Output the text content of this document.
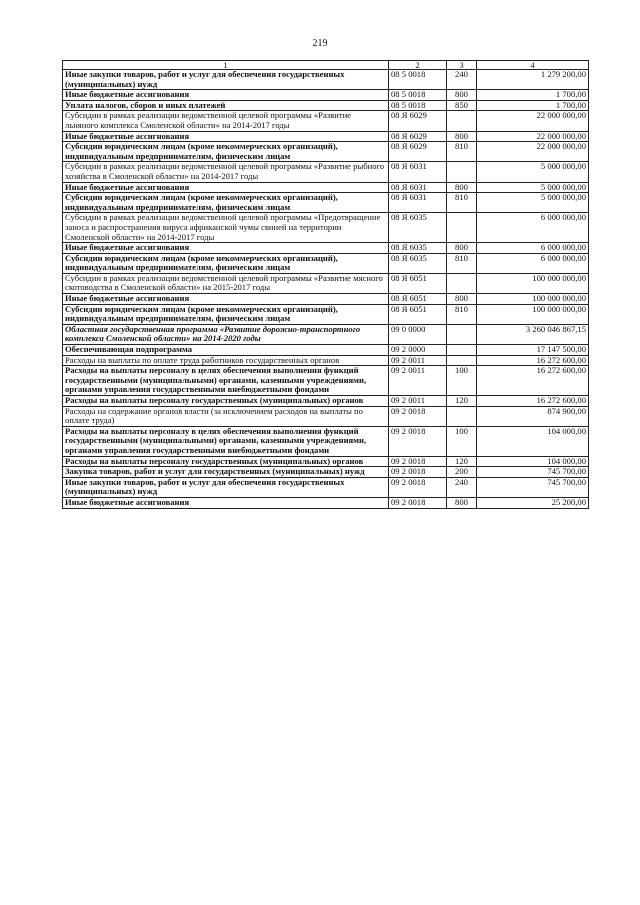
219
1	2	3	4
Иные закупки товаров, работ и услуг для обеспечения государственных (муниципальных) нужд	08 5 0018	240	1 279 200,00
Иные бюджетные ассигнования	08 5 0018	800	1 700,00
Уплата налогов, сборов и иных платежей	08 5 0018	850	1 700,00
Субсидии в рамках реализации ведомственной целевой программы «Развитие льняного комплекса Смоленской области» на 2014-2017 годы	08 Я 6029		22 000 000,00
Иные бюджетные ассигнования	08 Я 6029	800	22 000 000,00
Субсидии юридическим лицам (кроме некоммерческих организаций), индивидуальным предпринимателям, физическим лицам	08 Я 6029	810	22 000 000,00
Субсидии в рамках реализации ведомственной целевой программы «Развитие рыбного хозяйства в Смоленской области» на 2014-2017 годы	08 Я 6031		5 000 000,00
Иные бюджетные ассигнования	08 Я 6031	800	5 000 000,00
Субсидии юридическим лицам (кроме некоммерческих организаций), индивидуальным предпринимателям, физическим лицам	08 Я 6031	810	5 000 000,00
Субсидии в рамках реализации ведомственной целевой программы «Предотвращение заноса и распространения вируса африканской чумы свиней на территории Смоленской области» на 2014-2017 годы	08 Я 6035		6 000 000,00
Иные бюджетные ассигнования	08 Я 6035	800	6 000 000,00
Субсидии юридическим лицам (кроме некоммерческих организаций), индивидуальным предпринимателям, физическим лицам	08 Я 6035	810	6 000 000,00
Субсидии в рамках реализации ведомственной целевой программы «Развитие мясного скотоводства в Смоленской области» на 2015-2017 годы	08 Я 6051		100 000 000,00
Иные бюджетные ассигнования	08 Я 6051	800	100 000 000,00
Субсидии юридическим лицам (кроме некоммерческих организаций), индивидуальным предпринимателям, физическим лицам	08 Я 6051	810	100 000 000,00
Областная государственная программа «Развитие дорожно-транспортного комплекса Смоленской области» на 2014-2020 годы	09 0 0000		3 260 046 867,15
Обеспечивающая подпрограмма	09 2 0000		17 147 500,00
Расходы на выплаты по оплате труда работников государственных органов	09 2 0011		16 272 600,00
Расходы на выплаты персоналу в целях обеспечения выполнения функций государственными (муниципальными) органами, казенными учреждениями, органами управления государственными внебюджетными фондами	09 2 0011	100	16 272 600,00
Расходы на выплаты персоналу государственных (муниципальных) органов	09 2 0011	120	16 272 600,00
Расходы на содержание органов власти (за исключением расходов на выплаты по оплате труда)	09 2 0018		874 900,00
Расходы на выплаты персоналу в целях обеспечения выполнения функций государственными (муниципальными) органами, казенными учреждениями, органами управления государственными внебюджетными фондами	09 2 0018	100	104 000,00
Расходы на выплаты персоналу государственных (муниципальных) органов	09 2 0018	120	104 000,00
Закупка товаров, работ и услуг для государственных (муниципальных) нужд	09 2 0018	200	745 700,00
Иные закупки товаров, работ и услуг для обеспечения государственных (муниципальных) нужд	09 2 0018	240	745 700,00
Иные бюджетные ассигнования	09 2 0018	800	25 200,00
